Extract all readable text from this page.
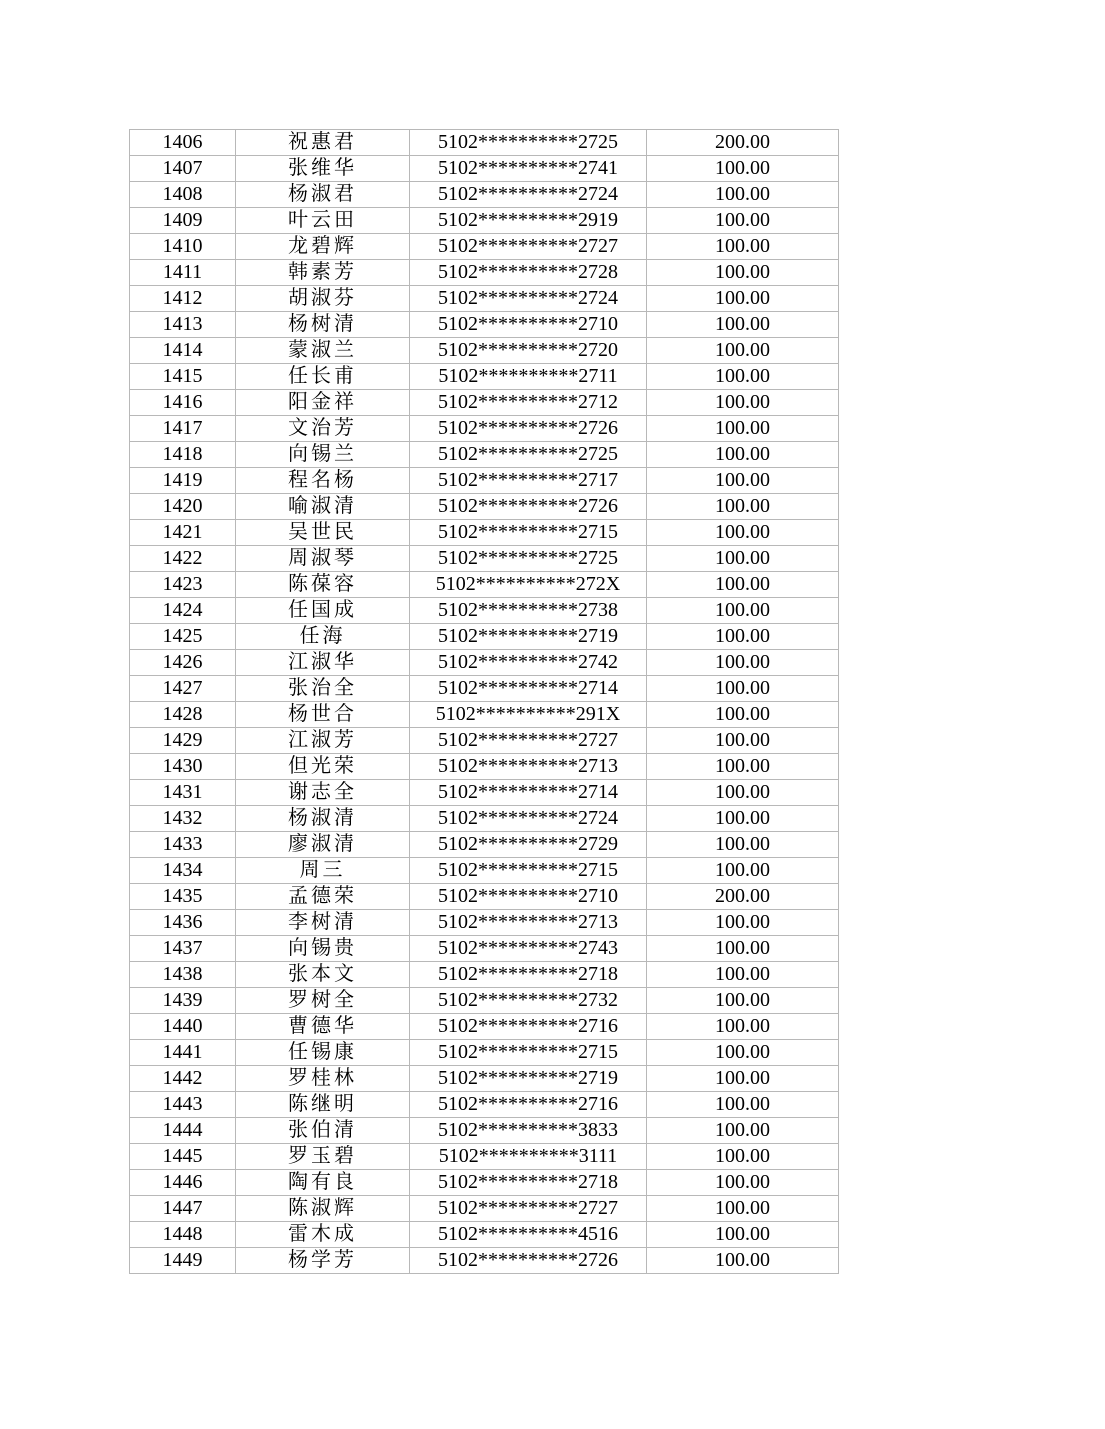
1406	祝惠君	5102**********2725	200.00
1407	张维华	5102**********2741	100.00
1408	杨淑君	5102**********2724	100.00
1409	叶云田	5102**********2919	100.00
1410	龙碧辉	5102**********2727	100.00
1411	韩素芳	5102**********2728	100.00
1412	胡淑芬	5102**********2724	100.00
1413	杨树清	5102**********2710	100.00
1414	蒙淑兰	5102**********2720	100.00
1415	任长甫	5102**********2711	100.00
1416	阳金祥	5102**********2712	100.00
1417	文治芳	5102**********2726	100.00
1418	向锡兰	5102**********2725	100.00
1419	程名杨	5102**********2717	100.00
1420	喻淑清	5102**********2726	100.00
1421	吴世民	5102**********2715	100.00
1422	周淑琴	5102**********2725	100.00
1423	陈葆容	5102**********272X	100.00
1424	任国成	5102**********2738	100.00
1425	任海	5102**********2719	100.00
1426	江淑华	5102**********2742	100.00
1427	张治全	5102**********2714	100.00
1428	杨世合	5102**********291X	100.00
1429	江淑芳	5102**********2727	100.00
1430	但光荣	5102**********2713	100.00
1431	谢志全	5102**********2714	100.00
1432	杨淑清	5102**********2724	100.00
1433	廖淑清	5102**********2729	100.00
1434	周三	5102**********2715	100.00
1435	孟德荣	5102**********2710	200.00
1436	李树清	5102**********2713	100.00
1437	向锡贵	5102**********2743	100.00
1438	张本文	5102**********2718	100.00
1439	罗树全	5102**********2732	100.00
1440	曹德华	5102**********2716	100.00
1441	任锡康	5102**********2715	100.00
1442	罗桂林	5102**********2719	100.00
1443	陈继明	5102**********2716	100.00
1444	张伯清	5102**********3833	100.00
1445	罗玉碧	5102**********3111	100.00
1446	陶有良	5102**********2718	100.00
1447	陈淑辉	5102**********2727	100.00
1448	雷木成	5102**********4516	100.00
1449	杨学芳	5102**********2726	100.00
